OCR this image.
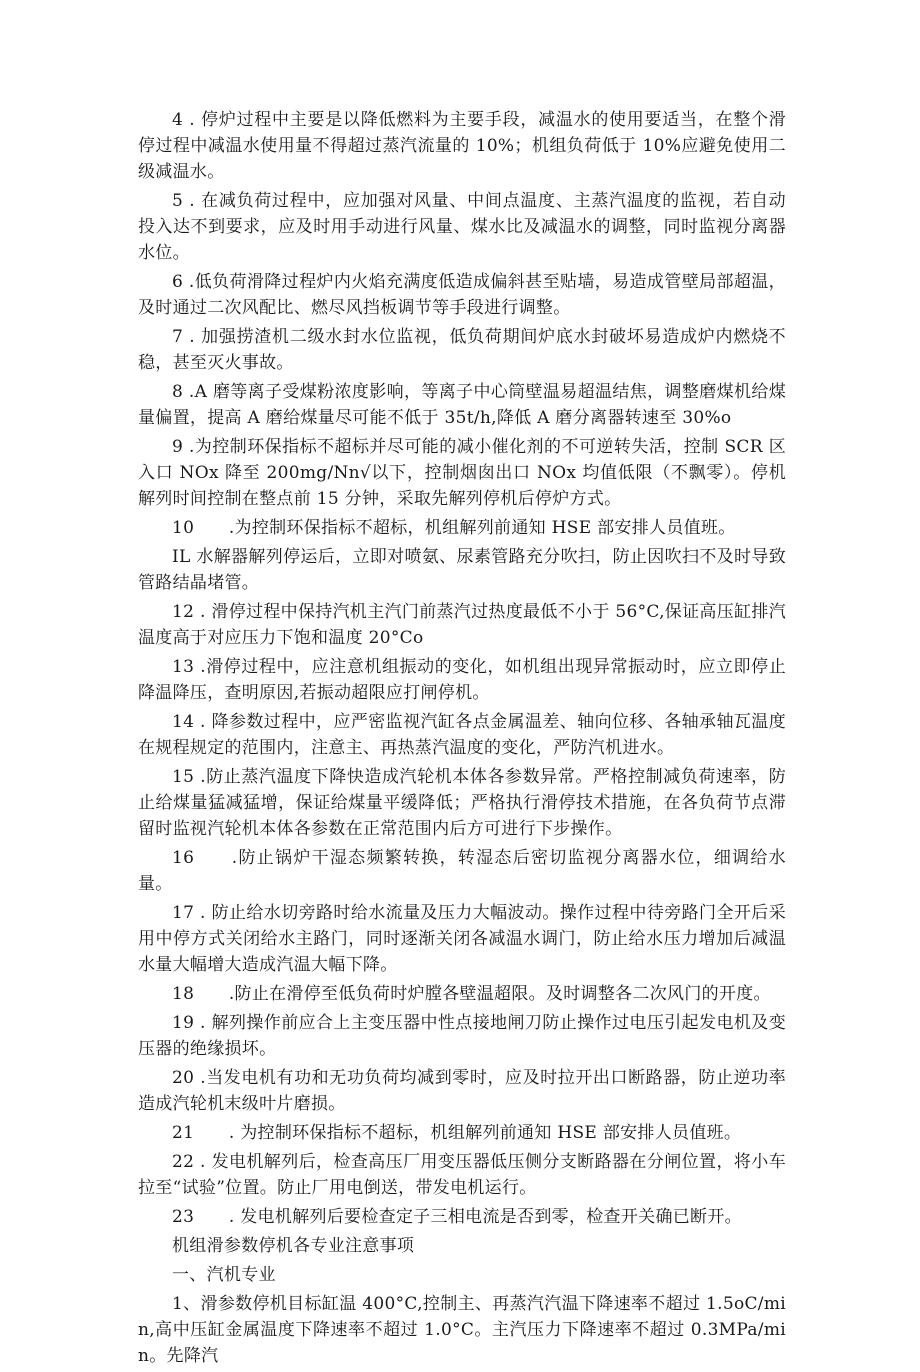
4 . 停炉过程中主要是以降低燃料为主要手段，减温水的使用要适当，在整个滑停过程中减温水使用量不得超过蒸汽流量的 10%；机组负荷低于 10%应避免使用二级减温水。

5 . 在减负荷过程中，应加强对风量、中间点温度、主蒸汽温度的监视，若自动投入达不到要求，应及时用手动进行风量、煤水比及减温水的调整，同时监视分离器水位。

6 .低负荷滑降过程炉内火焰充满度低造成偏斜甚至贴墙，易造成管壁局部超温，及时通过二次风配比、燃尽风挡板调节等手段进行调整。

7 . 加强捞渣机二级水封水位监视，低负荷期间炉底水封破坏易造成炉内燃烧不稳，甚至灭火事故。

8 .A 磨等离子受煤粉浓度影响，等离子中心筒壁温易超温结焦，调整磨煤机给煤量偏置，提高 A 磨给煤量尽可能不低于 35t/h,降低 A 磨分离器转速至 30%o

9 .为控制环保指标不超标并尽可能的减小催化剂的不可逆转失活，控制 SCR 区入口 NOx 降至 200mg/Nn√以下，控制烟囱出口 NOx 均值低限（不飘零）。停机解列时间控制在整点前 15 分钟，采取先解列停机后停炉方式。

10　　.为控制环保指标不超标，机组解列前通知 HSE 部安排人员值班。

IL 水解器解列停运后，立即对喷氨、尿素管路充分吹扫，防止因吹扫不及时导致管路结晶堵管。

12 . 滑停过程中保持汽机主汽门前蒸汽过热度最低不小于 56°C,保证高压缸排汽温度高于对应压力下饱和温度 20°Co

13 .滑停过程中，应注意机组振动的变化，如机组出现异常振动时，应立即停止降温降压，查明原因,若振动超限应打闸停机。

14 . 降参数过程中，应严密监视汽缸各点金属温差、轴向位移、各轴承轴瓦温度在规程规定的范围内，注意主、再热蒸汽温度的变化，严防汽机进水。

15 .防止蒸汽温度下降快造成汽轮机本体各参数异常。严格控制减负荷速率，防止给煤量猛减猛增，保证给煤量平缓降低；严格执行滑停技术措施，在各负荷节点滞留时监视汽轮机本体各参数在正常范围内后方可进行下步操作。

16　　.防止锅炉干湿态频繁转换，转湿态后密切监视分离器水位，细调给水量。

17 . 防止给水切旁路时给水流量及压力大幅波动。操作过程中待旁路门全开后采用中停方式关闭给水主路门，同时逐渐关闭各减温水调门，防止给水压力增加后减温水量大幅增大造成汽温大幅下降。

18　　.防止在滑停至低负荷时炉膛各壁温超限。及时调整各二次风门的开度。

19 . 解列操作前应合上主变压器中性点接地闸刀防止操作过电压引起发电机及变压器的绝缘损坏。

20 .当发电机有功和无功负荷均减到零时，应及时拉开出口断路器，防止逆功率造成汽轮机末级叶片磨损。

21　　. 为控制环保指标不超标，机组解列前通知 HSE 部安排人员值班。

22 . 发电机解列后，检查高压厂用变压器低压侧分支断路器在分闸位置，将小车拉至“试验”位置。防止厂用电倒送，带发电机运行。

23　　. 发电机解列后要检查定子三相电流是否到零，检查开关确已断开。

机组滑参数停机各专业注意事项

一、汽机专业

1、滑参数停机目标缸温 400°C,控制主、再蒸汽汽温下降速率不超过 1.5oC/min,高中压缸金属温度下降速率不超过 1.0°C。主汽压力下降速率不超过 0.3MPa/min。先降汽
